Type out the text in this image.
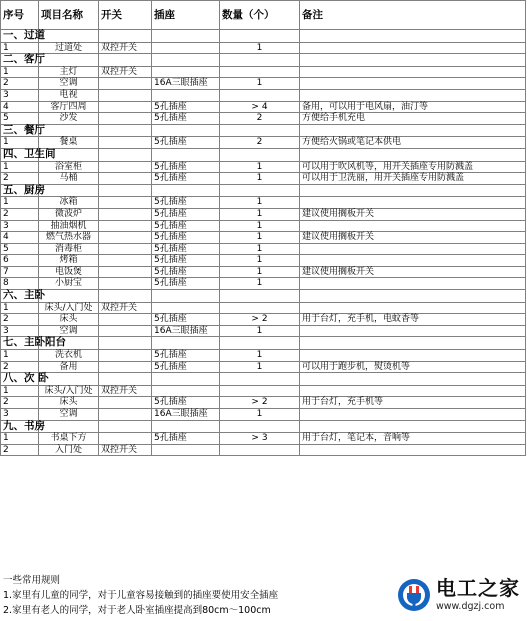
序号	项目名称	开关	插座	数量（个）	备注
一、过道					
1	过道处	双控开关		1	
二、客厅					
1	主灯	双控开关			
2	空调		16A三眼插座	1	
3	电视				
4	客厅四周		5孔插座	> 4	备用，可以用于电风扇，油汀等
5	沙发		5孔插座	2	方便给手机充电
三、餐厅					
1	餐桌		5孔插座	2	方便给火锅或笔记本供电
四、卫生间					
1	浴室柜		5孔插座	1	可以用于吹风机等，用开关插座专用防溅盖
2	马桶		5孔插座	1	可以用于卫洗丽，用开关插座专用防溅盖
五、厨房					
1	冰箱		5孔插座	1	
2	微波炉		5孔插座	1	建议使用搁板开关
3	抽油烟机		5孔插座	1	
4	燃气热水器		5孔插座	1	建议使用搁板开关
5	消毒柜		5孔插座	1	
6	烤箱		5孔插座	1	
7	电饭煲		5孔插座	1	建议使用搁板开关
8	小厨宝		5孔插座	1	
六、主卧					
1	床头/入门处	双控开关			
2	床头		5孔插座	> 2	用于台灯，充手机，电蚊香等
3	空调		16A三眼插座	1	
七、主卧阳台					
1	洗衣机		5孔插座	1	
2	备用		5孔插座	1	可以用于跑步机，熨烫机等
八、次 卧					
1	床头/入门处	双控开关			
2	床头		5孔插座	> 2	用于台灯，充手机等
3	空调		16A三眼插座	1	
九、书房					
1	书桌下方		5孔插座	> 3	用于台灯，笔记本，音响等
2	入门处	双控开关			
一些常用规则
1.家里有儿童的同学，对于儿童容易接触到的插座要使用安全插座
2.家里有老人的同学，对于老人卧室插座提高到80cm～100cm
电工之家
www.dgzj.com
